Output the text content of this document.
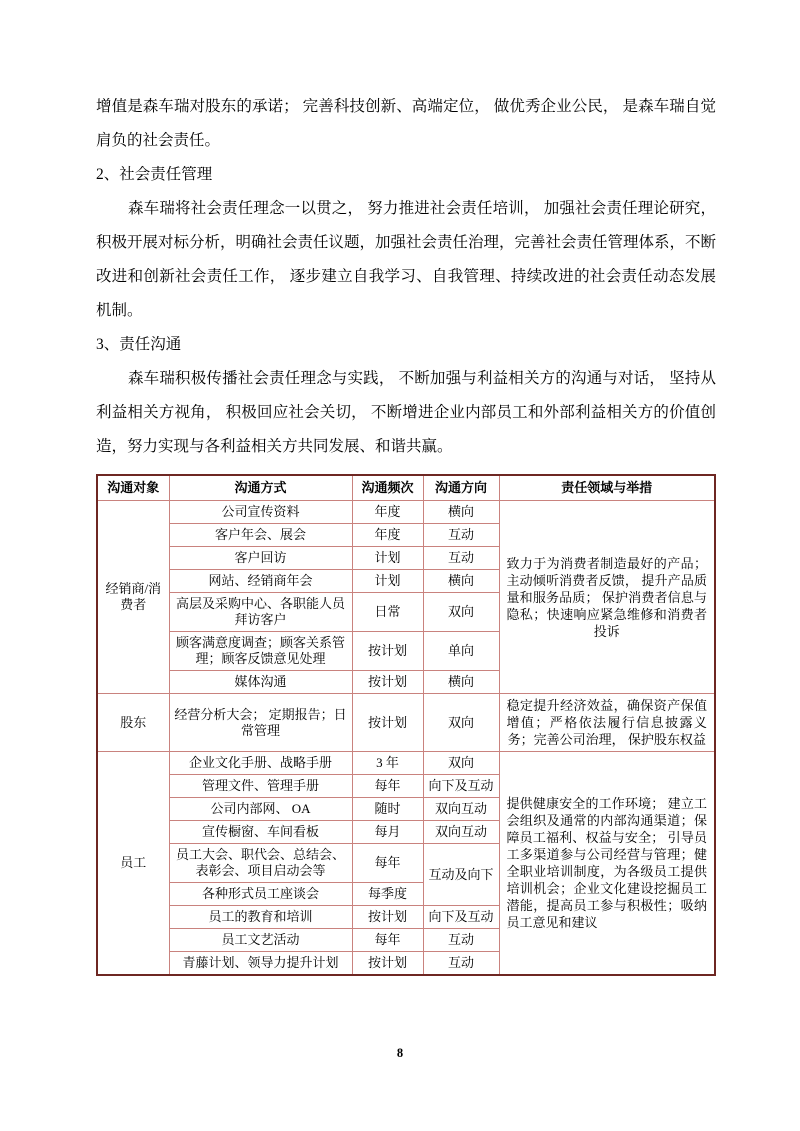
增值是森车瑞对股东的承诺； 完善科技创新、高端定位， 做优秀企业公民， 是森车瑞自觉肩负的社会责任。

2、社会责任管理

森车瑞将社会责任理念一以贯之， 努力推进社会责任培训， 加强社会责任理论研究，积极开展对标分析，明确社会责任议题，加强社会责任治理，完善社会责任管理体系，不断改进和创新社会责任工作， 逐步建立自我学习、自我管理、持续改进的社会责任动态发展机制。

3、责任沟通

森车瑞积极传播社会责任理念与实践， 不断加强与利益相关方的沟通与对话， 坚持从利益相关方视角， 积极回应社会关切， 不断增进企业内部员工和外部利益相关方的价值创造，努力实现与各利益相关方共同发展、和谐共赢。

沟通对象	沟通方式	沟通频次	沟通方向	责任领域与举措
经销商/消费者	公司宣传资料	年度	横向	致力于为消费者制造最好的产品；主动倾听消费者反馈， 提升产品质量和服务品质； 保护消费者信息与隐私；快速响应紧急维修和消费者投诉
	客户年会、展会	年度	互动	
	客户回访	计划	互动	
	网站、经销商年会	计划	横向	
	高层及采购中心、各职能人员拜访客户	日常	双向	
	顾客满意度调查；顾客关系管理；顾客反馈意见处理	按计划	单向	
	媒体沟通	按计划	横向	
股东	经营分析大会； 定期报告；日常管理	按计划	双向	稳定提升经济效益，确保资产保值增值；严格依法履行信息披露义务；完善公司治理， 保护股东权益
员工	企业文化手册、战略手册	3 年	双向	提供健康安全的工作环境； 建立工会组织及通常的内部沟通渠道；保障员工福利、权益与安全； 引导员工多渠道参与公司经营与管理；健全职业培训制度，为各级员工提供培训机会；企业文化建设挖掘员工潜能，提高员工参与积极性；吸纳员工意见和建议
	管理文件、管理手册	每年	向下及互动	
	公司内部网、 OA	随时	双向互动	
	宣传橱窗、车间看板	每月	双向互动	
	员工大会、职代会、总结会、表彰会、项目启动会等	每年	互动及向下	
	各种形式员工座谈会	每季度		
	员工的教育和培训	按计划	向下及互动	
	员工文艺活动	每年	互动	
	青藤计划、领导力提升计划	按计划	互动	
8
